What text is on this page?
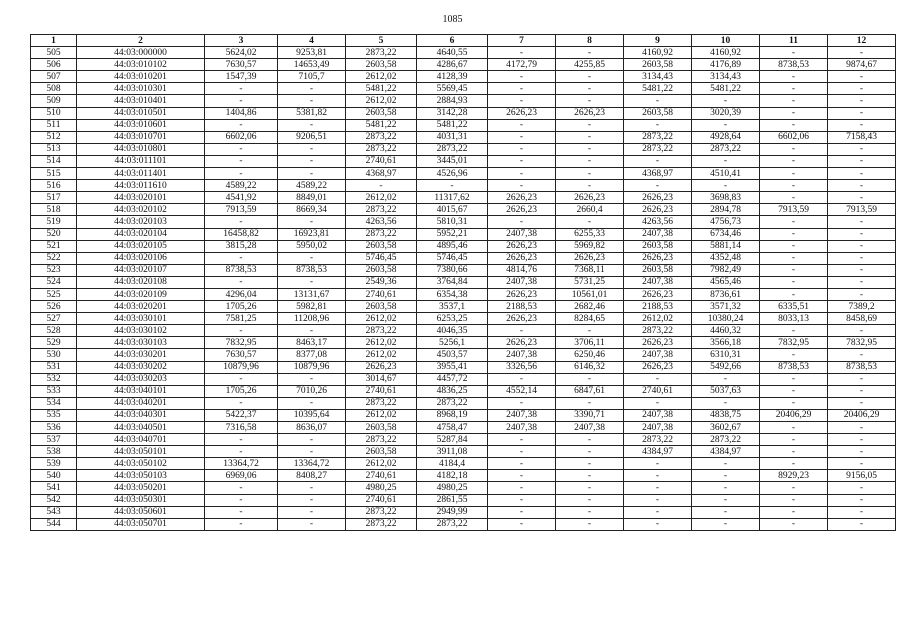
1085
1	2	3	4	5	6	7	8	9	10	11	12
505	44:03:000000	5624,02	9253,81	2873,22	4640,55	-	-	4160,92	4160,92	-	-
506	44:03:010102	7630,57	14653,49	2603,58	4286,67	4172,79	4255,85	2603,58	4176,89	8738,53	9874,67
507	44:03:010201	1547,39	7105,7	2612,02	4128,39	-	-	3134,43	3134,43	-	-
508	44:03:010301	-	-	5481,22	5569,45	-	-	5481,22	5481,22	-	-
509	44:03:010401	-	-	2612,02	2884,93	-	-	-	-	-	-
510	44:03:010501	1404,86	5381,82	2603,58	3142,28	2626,23	2626,23	2603,58	3020,39	-	-
511	44:03:010601	-	-	5481,22	5481,22	-	-	-	-	-	-
512	44:03:010701	6602,06	9206,51	2873,22	4031,31	-	-	2873,22	4928,64	6602,06	7158,43
513	44:03:010801	-	-	2873,22	2873,22	-	-	2873,22	2873,22	-	-
514	44:03:011101	-	-	2740,61	3445,01	-	-	-	-	-	-
515	44:03:011401	-	-	4368,97	4526,96	-	-	4368,97	4510,41	-	-
516	44:03:011610	4589,22	4589,22	-	-	-	-	-	-	-	-
517	44:03:020101	4541,92	8849,01	2612,02	11317,62	2626,23	2626,23	2626,23	3698,83	-	-
518	44:03:020102	7913,59	8669,34	2873,22	4015,67	2626,23	2660,4	2626,23	2894,78	7913,59	7913,59
519	44:03:020103	-	-	4263,56	5810,31	-	-	4263,56	4756,73	-	-
520	44:03:020104	16458,82	16923,81	2873,22	5952,21	2407,38	6255,33	2407,38	6734,46	-	-
521	44:03:020105	3815,28	5950,02	2603,58	4895,46	2626,23	5969,82	2603,58	5881,14	-	-
522	44:03:020106	-	-	5746,45	5746,45	2626,23	2626,23	2626,23	4352,48	-	-
523	44:03:020107	8738,53	8738,53	2603,58	7380,66	4814,76	7368,11	2603,58	7982,49	-	-
524	44:03:020108	-	-	2549,36	3764,84	2407,38	5731,25	2407,38	4565,46	-	-
525	44:03:020109	4296,04	13131,67	2740,61	6354,38	2626,23	10561,01	2626,23	8736,61	-	-
526	44:03:020201	1705,26	5982,81	2603,58	3537,1	2188,53	2682,46	2188,53	3571,32	6335,51	7389,2
527	44:03:030101	7581,25	11208,96	2612,02	6253,25	2626,23	8284,65	2612,02	10380,24	8033,13	8458,69
528	44:03:030102	-	-	2873,22	4046,35	-	-	2873,22	4460,32	-	-
529	44:03:030103	7832,95	8463,17	2612,02	5256,1	2626,23	3706,11	2626,23	3566,18	7832,95	7832,95
530	44:03:030201	7630,57	8377,08	2612,02	4503,57	2407,38	6250,46	2407,38	6310,31	-	-
531	44:03:030202	10879,96	10879,96	2626,23	3955,41	3326,56	6146,32	2626,23	5492,66	8738,53	8738,53
532	44:03:030203	-	-	3014,67	4457,72	-	-	-	-	-	-
533	44:03:040101	1705,26	7010,26	2740,61	4836,25	4552,14	6847,61	2740,61	5037,63	-	-
534	44:03:040201	-	-	2873,22	2873,22	-	-	-	-	-	-
535	44:03:040301	5422,37	10395,64	2612,02	8968,19	2407,38	3390,71	2407,38	4838,75	20406,29	20406,29
536	44:03:040501	7316,58	8636,07	2603,58	4758,47	2407,38	2407,38	2407,38	3602,67	-	-
537	44:03:040701	-	-	2873,22	5287,84	-	-	2873,22	2873,22	-	-
538	44:03:050101	-	-	2603,58	3911,08	-	-	4384,97	4384,97	-	-
539	44:03:050102	13364,72	13364,72	2612,02	4184,4	-	-	-	-	-	-
540	44:03:050103	6969,06	8408,27	2740,61	4182,18	-	-	-	-	8929,23	9156,05
541	44:03:050201	-	-	4980,25	4980,25	-	-	-	-	-	-
542	44:03:050301	-	-	2740,61	2861,55	-	-	-	-	-	-
543	44:03:050601	-	-	2873,22	2949,99	-	-	-	-	-	-
544	44:03:050701	-	-	2873,22	2873,22	-	-	-	-	-	-
